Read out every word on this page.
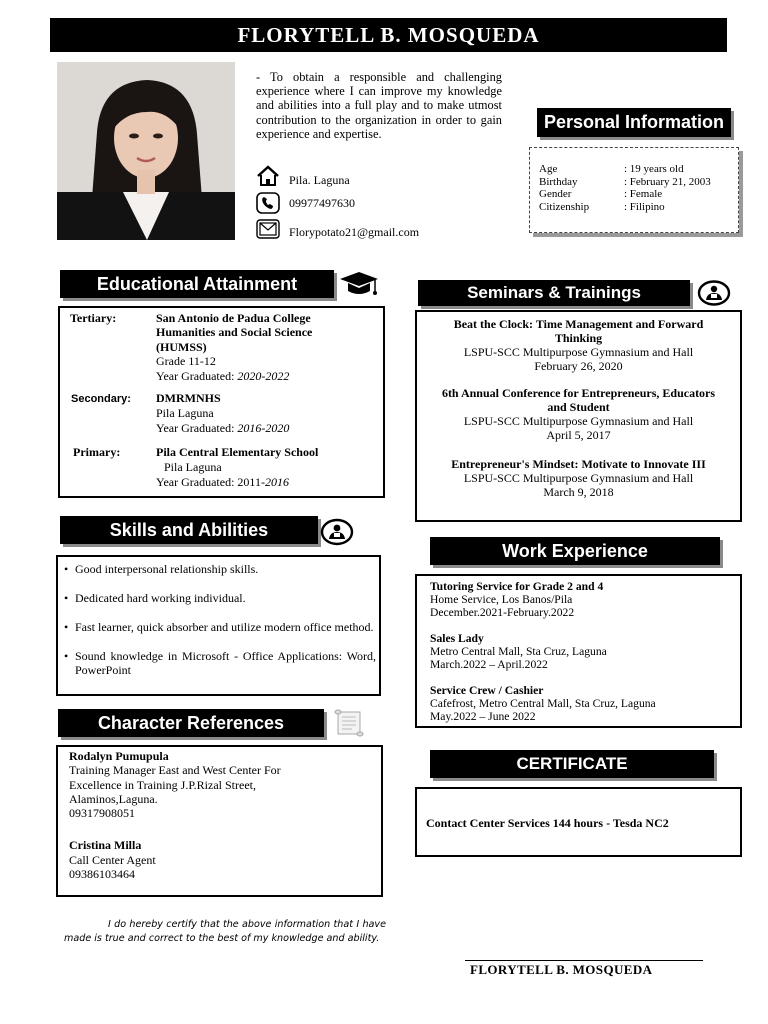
FLORYTELL B. MOSQUEDA
- To obtain a responsible and challenging experience where I can improve my knowledge and abilities into a full play and to make utmost contribution to the organization in order to gain experience and expertise.
Pila. Laguna
09977497630
Florypotato21@gmail.com
Personal Information
Age	: 19 years old
Birthday	: February 21, 2003
Gender	: Female
Citizenship	: Filipino
Educational Attainment
Tertiary:	San Antonio de Padua College
Humanities and Social Science
(HUMSS)
Grade 11-12
Year Graduated: 2020-2022
Secondary: DMRMNHS
Pila Laguna
Year Graduated: 2016-2020
Primary:	Pila Central Elementary School
Pila Laguna
Year Graduated: 2011-2016
Seminars & Trainings
Beat the Clock: Time Management and Forward Thinking
LSPU-SCC Multipurpose Gymnasium and Hall
February 26, 2020
6th Annual Conference for Entrepreneurs, Educators and Student
LSPU-SCC Multipurpose Gymnasium and Hall
April 5, 2017
Entrepreneur's Mindset: Motivate to Innovate III
LSPU-SCC Multipurpose Gymnasium and Hall
March 9, 2018
Skills and Abilities
• Good interpersonal relationship skills.
• Dedicated hard working individual.
• Fast learner, quick absorber and utilize modern office method.
• Sound knowledge in Microsoft - Office Applications: Word, PowerPoint
Work Experience
Tutoring Service for Grade 2 and 4
Home Service, Los Banos/Pila
December.2021-February.2022
Sales Lady
Metro Central Mall, Sta Cruz, Laguna
March.2022 – April.2022
Service Crew / Cashier
Cafefrost, Metro Central Mall, Sta Cruz, Laguna
May.2022 – June 2022
Character References
Rodalyn Pumupula
Training Manager East and West Center For
Excellence in Training J.P.Rizal Street,
Alaminos,Laguna.
09317908051
Cristina Milla
Call Center Agent
09386103464
CERTIFICATE
Contact Center Services 144 hours - Tesda NC2
I do hereby certify that the above information that I have made is true and correct to the best of my knowledge and ability.
FLORYTELL B. MOSQUEDA
